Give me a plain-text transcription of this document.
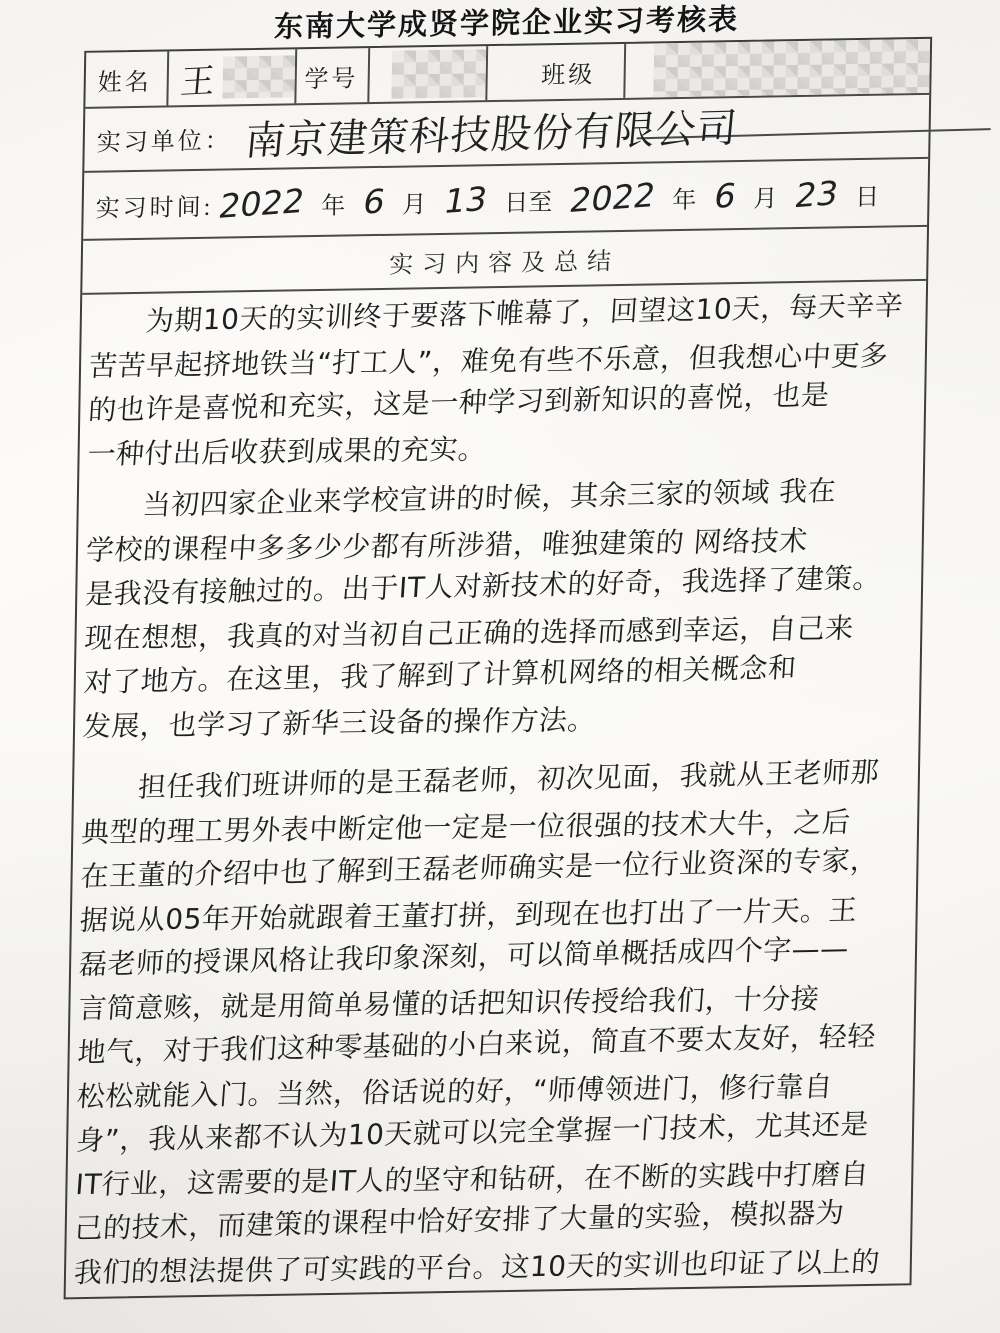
东南大学成贤学院企业实习考核表
姓名 王	学号	班级
实习单位： 南京建策科技股份有限公司
实习时间: 2022 年 6 月 13 日至 2022 年 6 月 23 日
实习内容及总结
为期10天的实训终于要落下帷幕了，回望这10天，每天辛辛
苦苦早起挤地铁当“打工人”，难免有些不乐意，但我想心中更多
的也许是喜悦和充实，这是一种学习到新知识的喜悦，也是
一种付出后收获到成果的充实。
当初四家企业来学校宣讲的时候，其余三家的领域 我在
学校的课程中多多少少都有所涉猎，唯独建策的 网络技术
是我没有接触过的。出于IT人对新技术的好奇，我选择了建策。
现在想想，我真的对当初自己正确的选择而感到幸运，自己来
对了地方。在这里，我了解到了计算机网络的相关概念和
发展，也学习了新华三设备的操作方法。
担任我们班讲师的是王磊老师，初次见面，我就从王老师那
典型的理工男外表中断定他一定是一位很强的技术大牛，之后
在王董的介绍中也了解到王磊老师确实是一位行业资深的专家，
据说从05年开始就跟着王董打拼，到现在也打出了一片天。王
磊老师的授课风格让我印象深刻，可以简单概括成四个字——
言简意赅，就是用简单易懂的话把知识传授给我们，十分接
地气，对于我们这种零基础的小白来说，简直不要太友好，轻轻
松松就能入门。当然，俗话说的好，“师傅领进门，修行靠自
身”，我从来都不认为10天就可以完全掌握一门技术，尤其还是
IT行业，这需要的是IT人的坚守和钻研，在不断的实践中打磨自
己的技术，而建策的课程中恰好安排了大量的实验，模拟器为
我们的想法提供了可实践的平台。这10天的实训也印证了以上的
